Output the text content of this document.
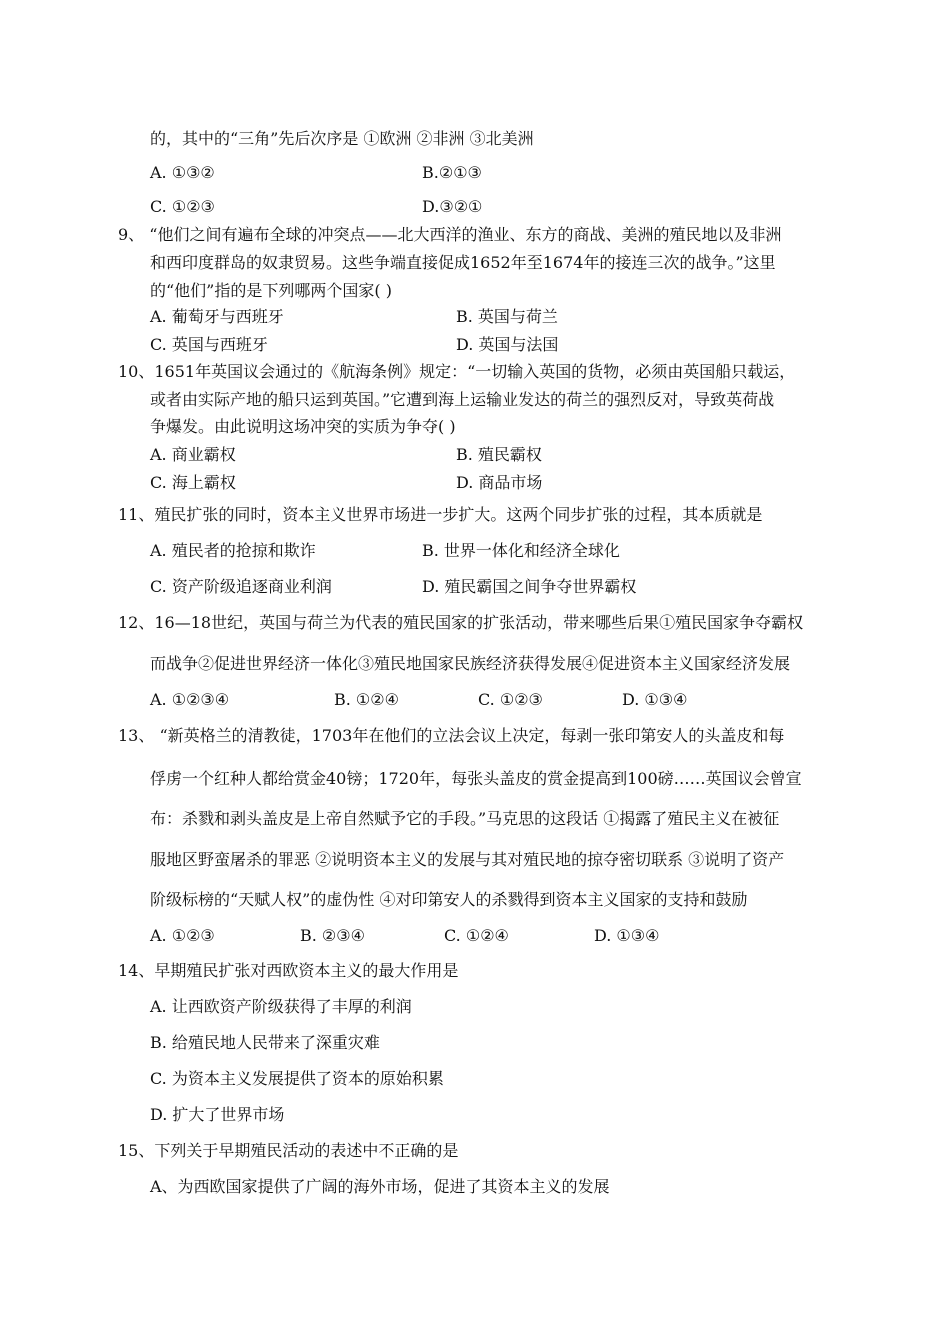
的，其中的“三角”先后次序是 ①欧洲 ②非洲 ③北美洲
A. ①③②	B.②①③
C. ①②③	D.③②①
9、 “他们之间有遍布全球的冲突点——北大西洋的渔业、东方的商战、美洲的殖民地以及非洲
和西印度群岛的奴隶贸易。这些争端直接促成1652年至1674年的接连三次的战争。”这里
的“他们”指的是下列哪两个国家( )
A. 葡萄牙与西班牙	B. 英国与荷兰
C. 英国与西班牙	D. 英国与法国
10、1651年英国议会通过的《航海条例》规定：“一切输入英国的货物，必须由英国船只载运，
或者由实际产地的船只运到英国。”它遭到海上运输业发达的荷兰的强烈反对，导致英荷战
争爆发。由此说明这场冲突的实质为争夺( )
A. 商业霸权	B. 殖民霸权
C. 海上霸权	D. 商品市场
11、殖民扩张的同时，资本主义世界市场进一步扩大。这两个同步扩张的过程，其本质就是
A. 殖民者的抢掠和欺诈	B. 世界一体化和经济全球化
C. 资产阶级追逐商业利润	D. 殖民霸国之间争夺世界霸权
12、16—18世纪，英国与荷兰为代表的殖民国家的扩张活动，带来哪些后果①殖民国家争夺霸权
而战争②促进世界经济一体化③殖民地国家民族经济获得发展④促进资本主义国家经济发展
A. ①②③④	B. ①②④	C. ①②③	D. ①③④
13、 “新英格兰的清教徒，1703年在他们的立法会议上决定，每剥一张印第安人的头盖皮和每
俘虏一个红种人都给赏金40镑；1720年，每张头盖皮的赏金提高到100磅……英国议会曾宣
布：杀戮和剥头盖皮是上帝自然赋予它的手段。”马克思的这段话 ①揭露了殖民主义在被征
服地区野蛮屠杀的罪恶 ②说明资本主义的发展与其对殖民地的掠夺密切联系 ③说明了资产
阶级标榜的“天赋人权”的虚伪性 ④对印第安人的杀戮得到资本主义国家的支持和鼓励
A. ①②③	B. ②③④	C. ①②④	D. ①③④
14、早期殖民扩张对西欧资本主义的最大作用是
A. 让西欧资产阶级获得了丰厚的利润
B. 给殖民地人民带来了深重灾难
C. 为资本主义发展提供了资本的原始积累
D. 扩大了世界市场
15、下列关于早期殖民活动的表述中不正确的是
A、为西欧国家提供了广阔的海外市场，促进了其资本主义的发展
